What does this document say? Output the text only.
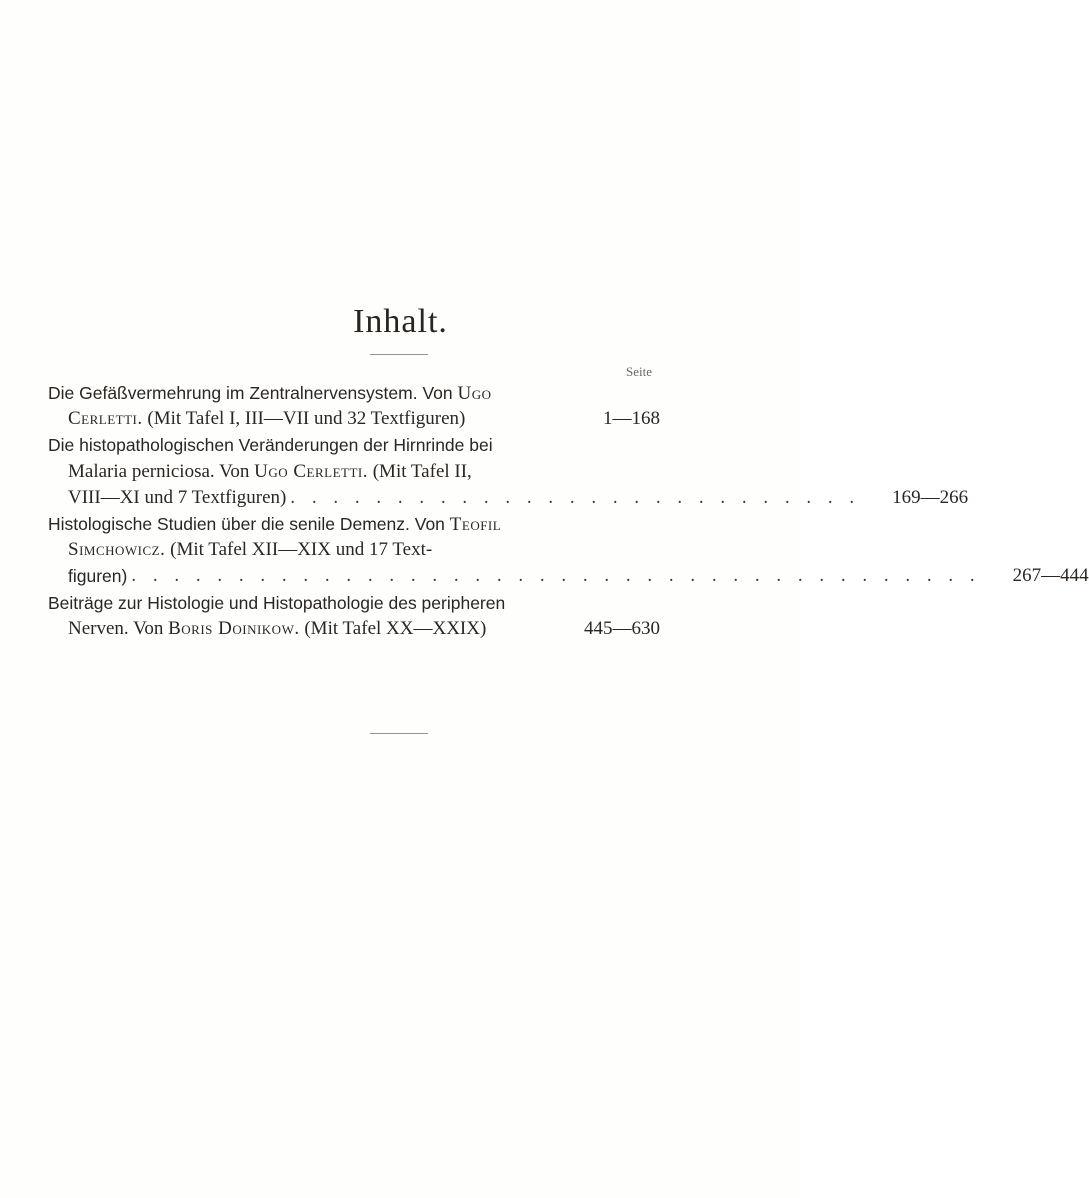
Inhalt.
Seite
Die Gefäßvermehrung im Zentralnervensystem. Von Ugo
Cerletti. (Mit Tafel I, III—VII und 32 Textfiguren)	1—168
Die histopathologischen Veränderungen der Hirnrinde bei
Malaria perniciosa. Von Ugo Cerletti. (Mit Tafel II,
VIII—XI und 7 Textfiguren) . . . . . . . . . . . . . . . . . . . . . . . . . . .	169—266
Histologische Studien über die senile Demenz. Von Teofil
Simchowicz. (Mit Tafel XII—XIX und 17 Text-
figuren) . . . . . . . . . . . . . . . . . . . . . . . . . . . . . . . . . . . . . . . .	267—444
Beiträge zur Histologie und Histopathologie des peripheren
Nerven. Von Boris Doinikow. (Mit Tafel XX—XXIX)	445—630
